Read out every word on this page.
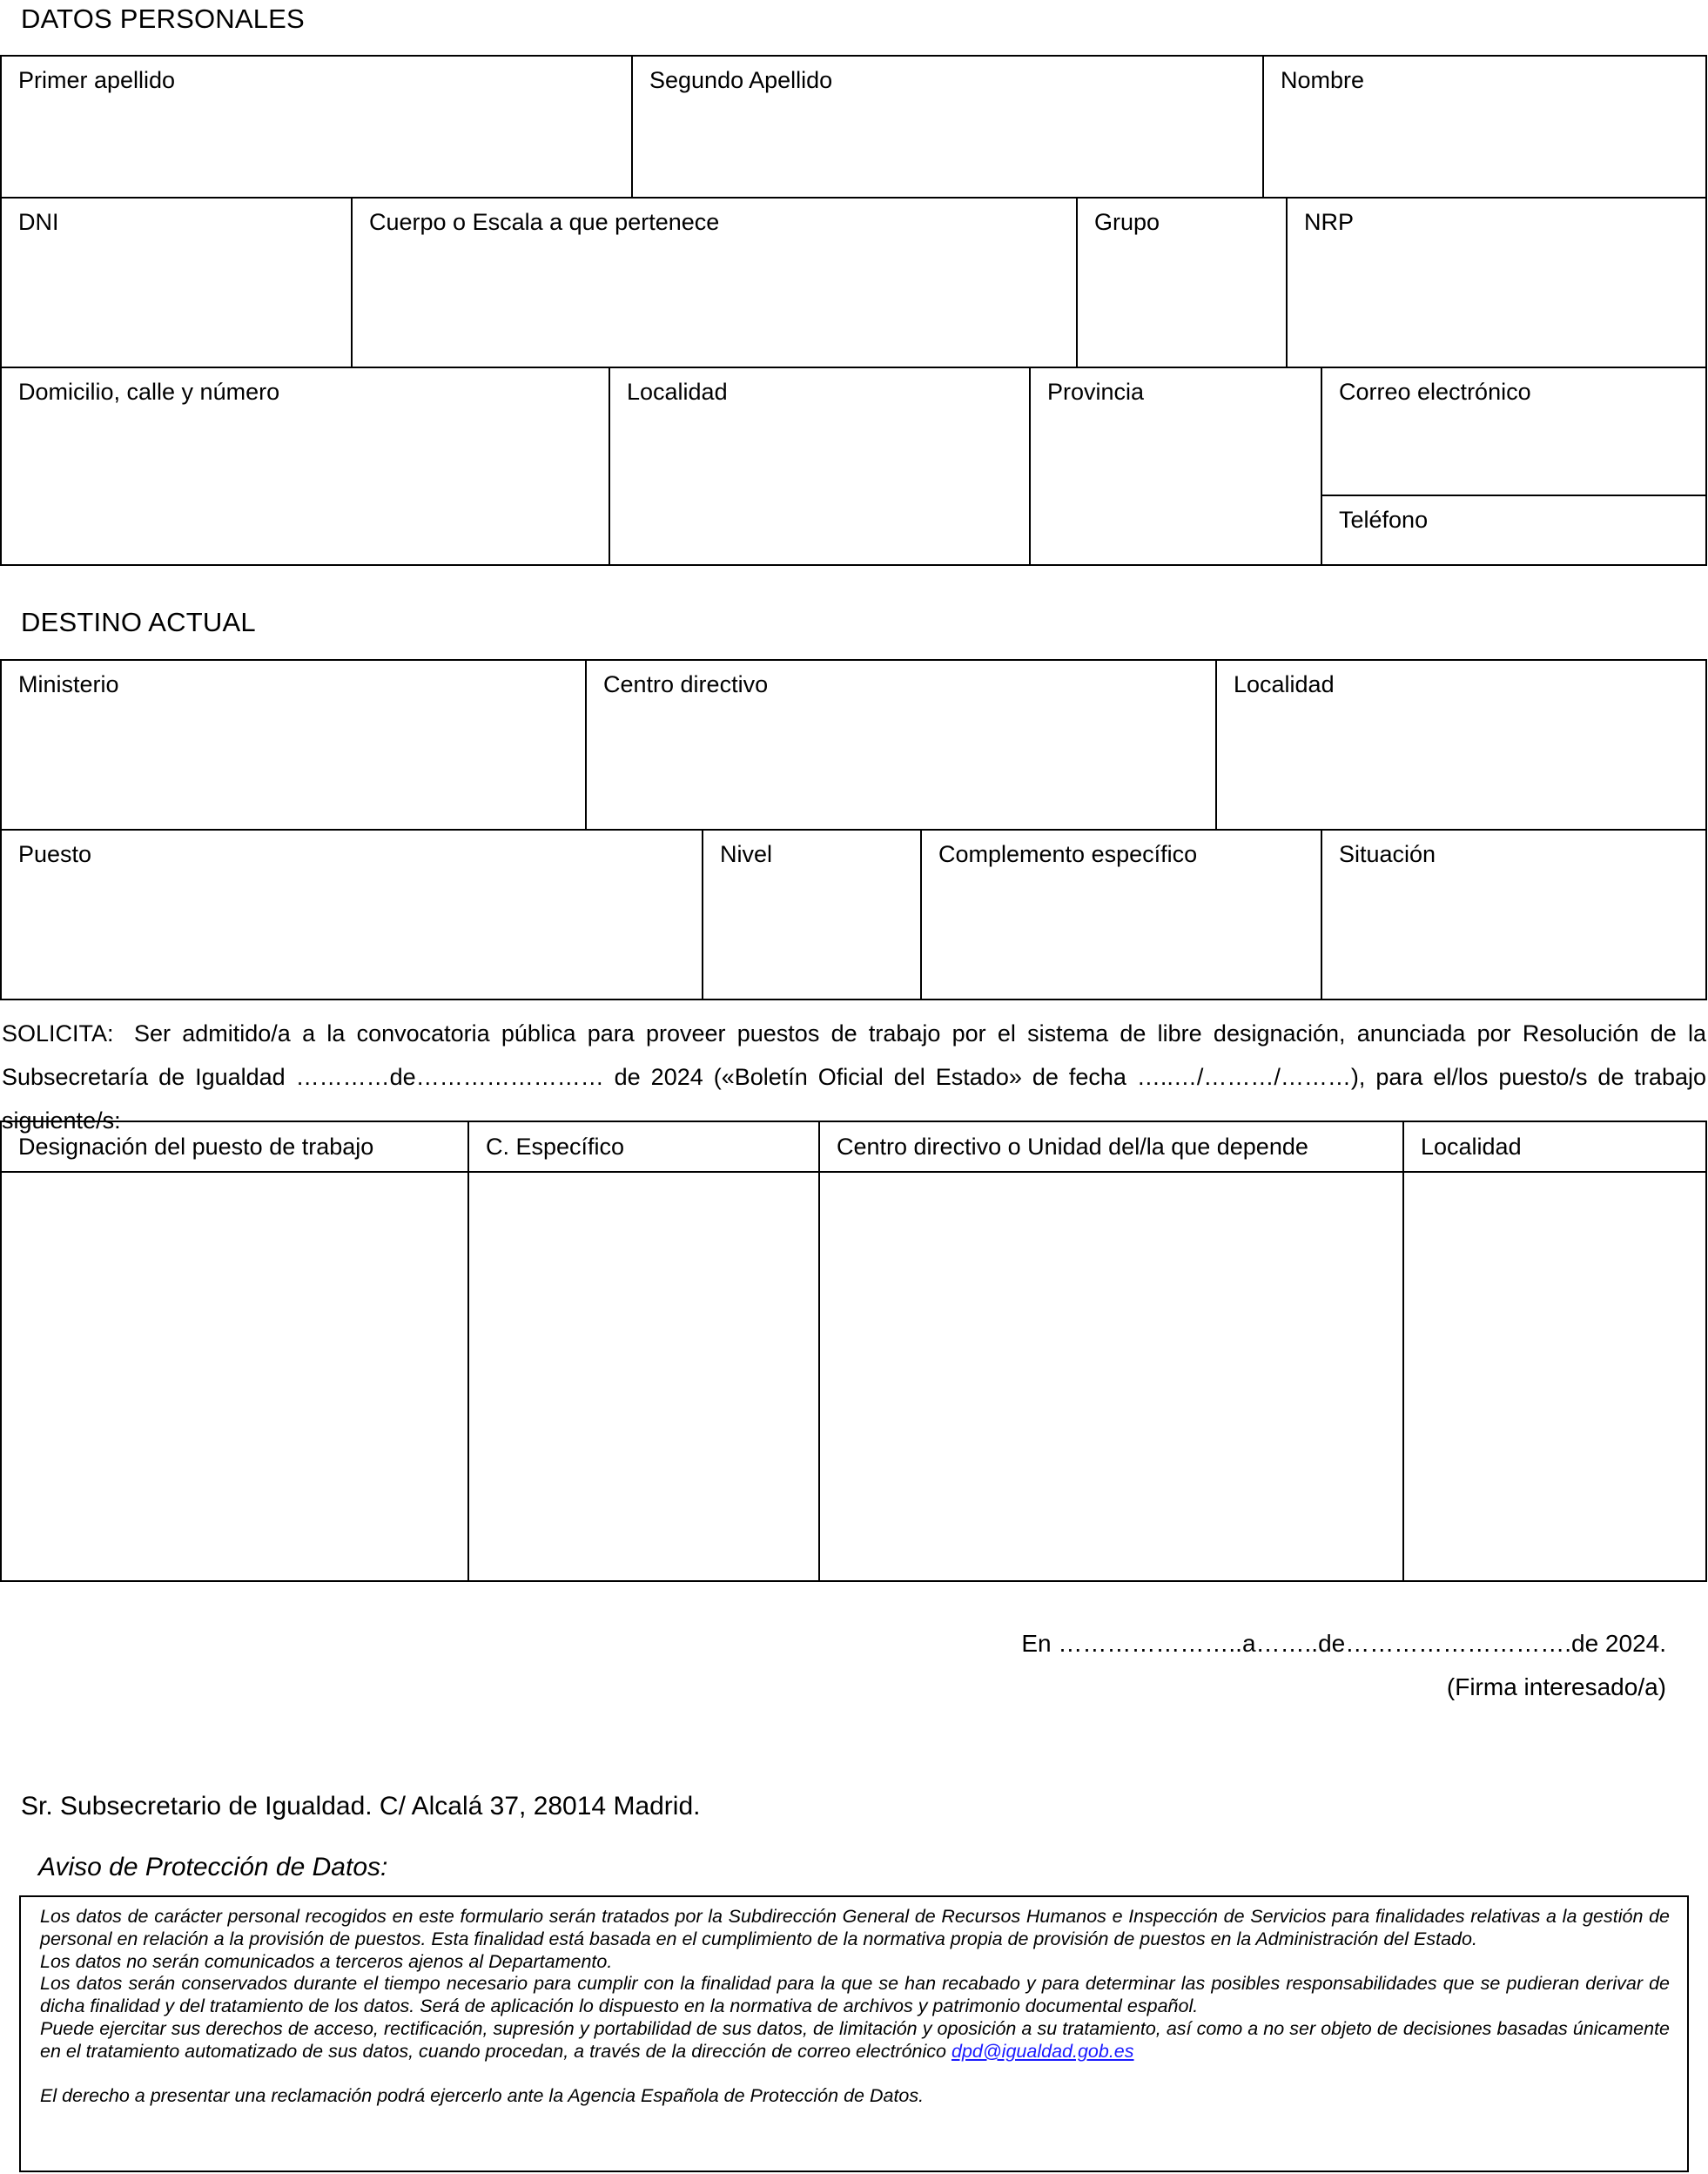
DATOS PERSONALES
Primer apellido	Segundo Apellido	Nombre
DNI	Cuerpo o Escala a que pertenece	Grupo	NRP
Domicilio, calle y número	Localidad	Provincia	Correo electrónico
Teléfono
DESTINO ACTUAL
Ministerio	Centro directivo	Localidad
Puesto	Nivel	Complemento específico	Situación
SOLICITA: Ser admitido/a a la convocatoria pública para proveer puestos de trabajo por el sistema de libre designación, anunciada por Resolución de la Subsecretaría de Igualdad …………de…………………… de 2024 («Boletín Oficial del Estado» de fecha …..…/………/………), para el/los puesto/s de trabajo siguiente/s:
Designación del puesto de trabajo	C. Específico	Centro directivo o Unidad del/la que depende	Localidad
En …………………..a……..de……………………….de 2024.
(Firma interesado/a)
Sr. Subsecretario de Igualdad. C/ Alcalá 37, 28014 Madrid.
Aviso de Protección de Datos:

Los datos de carácter personal recogidos en este formulario serán tratados por la Subdirección General de Recursos Humanos e Inspección de Servicios para finalidades relativas a la gestión de personal en relación a la provisión de puestos. Esta finalidad está basada en el cumplimiento de la normativa propia de provisión de puestos en la Administración del Estado.

Los datos no serán comunicados a terceros ajenos al Departamento.

Los datos serán conservados durante el tiempo necesario para cumplir con la finalidad para la que se han recabado y para determinar las posibles responsabilidades que se pudieran derivar de dicha finalidad y del tratamiento de los datos. Será de aplicación lo dispuesto en la normativa de archivos y patrimonio documental español.

Puede ejercitar sus derechos de acceso, rectificación, supresión y portabilidad de sus datos, de limitación y oposición a su tratamiento, así como a no ser objeto de decisiones basadas únicamente en el tratamiento automatizado de sus datos, cuando procedan, a través de la dirección de correo electrónico dpd@igualdad.gob.es

El derecho a presentar una reclamación podrá ejercerlo ante la Agencia Española de Protección de Datos.
